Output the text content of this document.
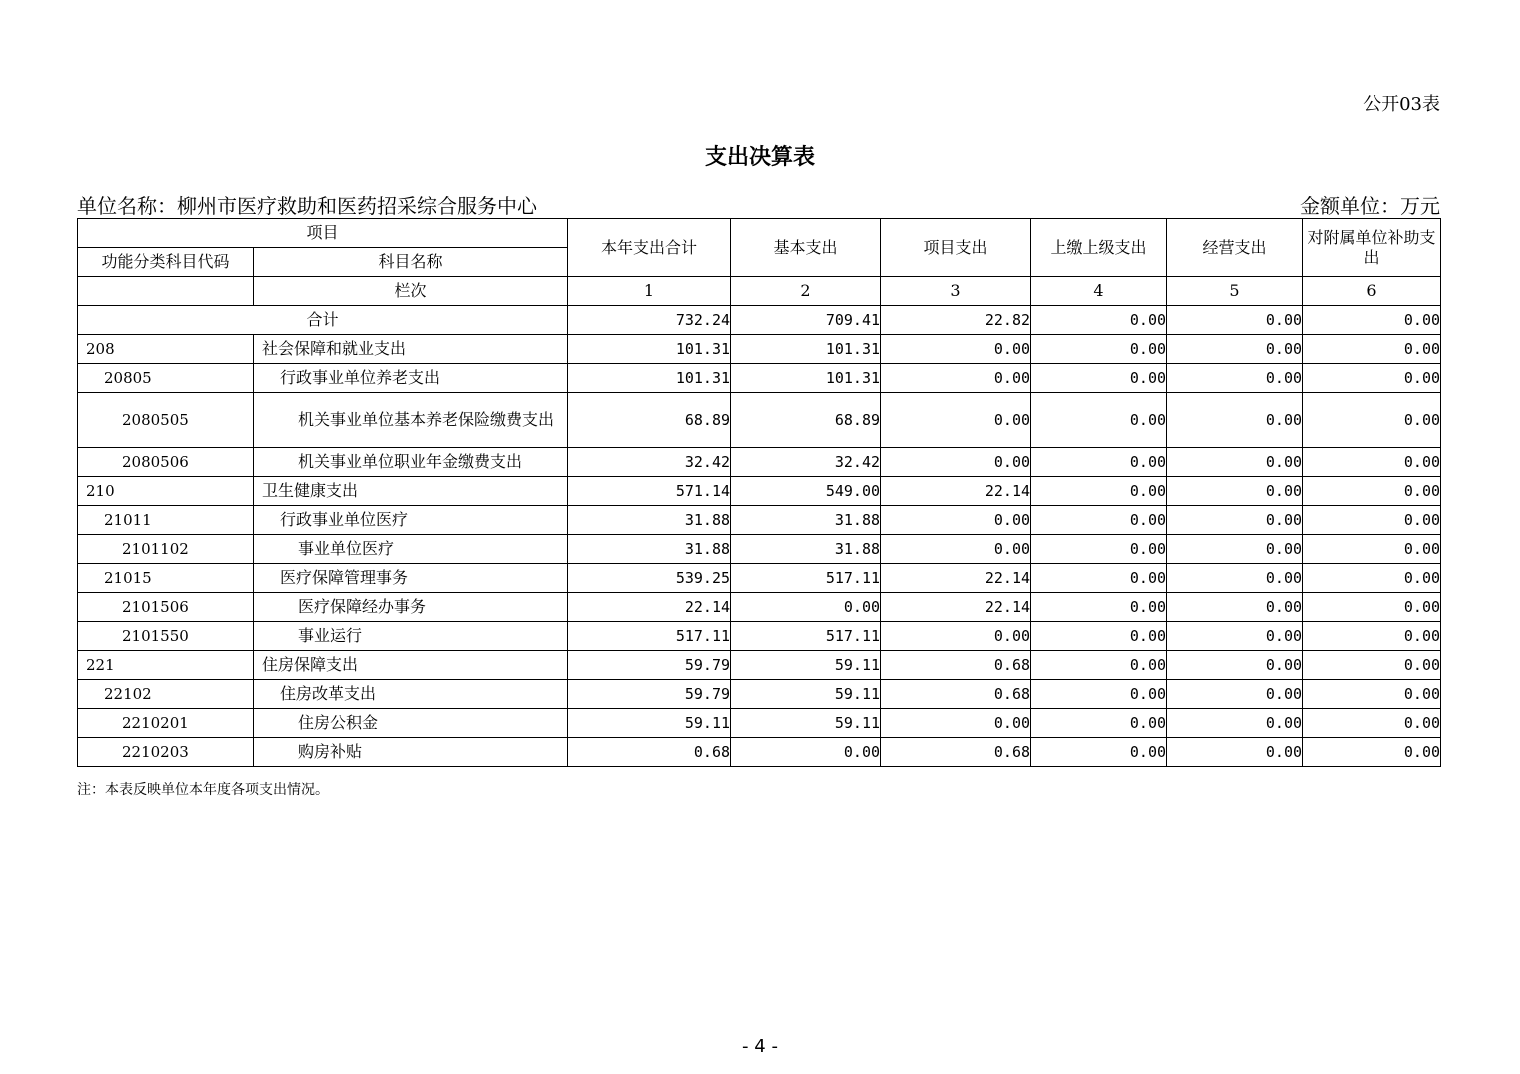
公开03表
支出决算表
单位名称：柳州市医疗救助和医药招采综合服务中心	金额单位：万元
项目		本年支出合计	基本支出	项目支出	上缴上级支出	经营支出	对附属单位补助支出
功能分类科目代码	科目名称						
	栏次	1	2	3	4	5	6
合计		732.24	709.41	22.82	0.00	0.00	0.00
208	社会保障和就业支出	101.31	101.31	0.00	0.00	0.00	0.00
20805	行政事业单位养老支出	101.31	101.31	0.00	0.00	0.00	0.00
2080505	机关事业单位基本养老保险缴费支出	68.89	68.89	0.00	0.00	0.00	0.00
2080506	机关事业单位职业年金缴费支出	32.42	32.42	0.00	0.00	0.00	0.00
210	卫生健康支出	571.14	549.00	22.14	0.00	0.00	0.00
21011	行政事业单位医疗	31.88	31.88	0.00	0.00	0.00	0.00
2101102	事业单位医疗	31.88	31.88	0.00	0.00	0.00	0.00
21015	医疗保障管理事务	539.25	517.11	22.14	0.00	0.00	0.00
2101506	医疗保障经办事务	22.14	0.00	22.14	0.00	0.00	0.00
2101550	事业运行	517.11	517.11	0.00	0.00	0.00	0.00
221	住房保障支出	59.79	59.11	0.68	0.00	0.00	0.00
22102	住房改革支出	59.79	59.11	0.68	0.00	0.00	0.00
2210201	住房公积金	59.11	59.11	0.00	0.00	0.00	0.00
2210203	购房补贴	0.68	0.00	0.68	0.00	0.00	0.00
注：本表反映单位本年度各项支出情况。
- 4 -
